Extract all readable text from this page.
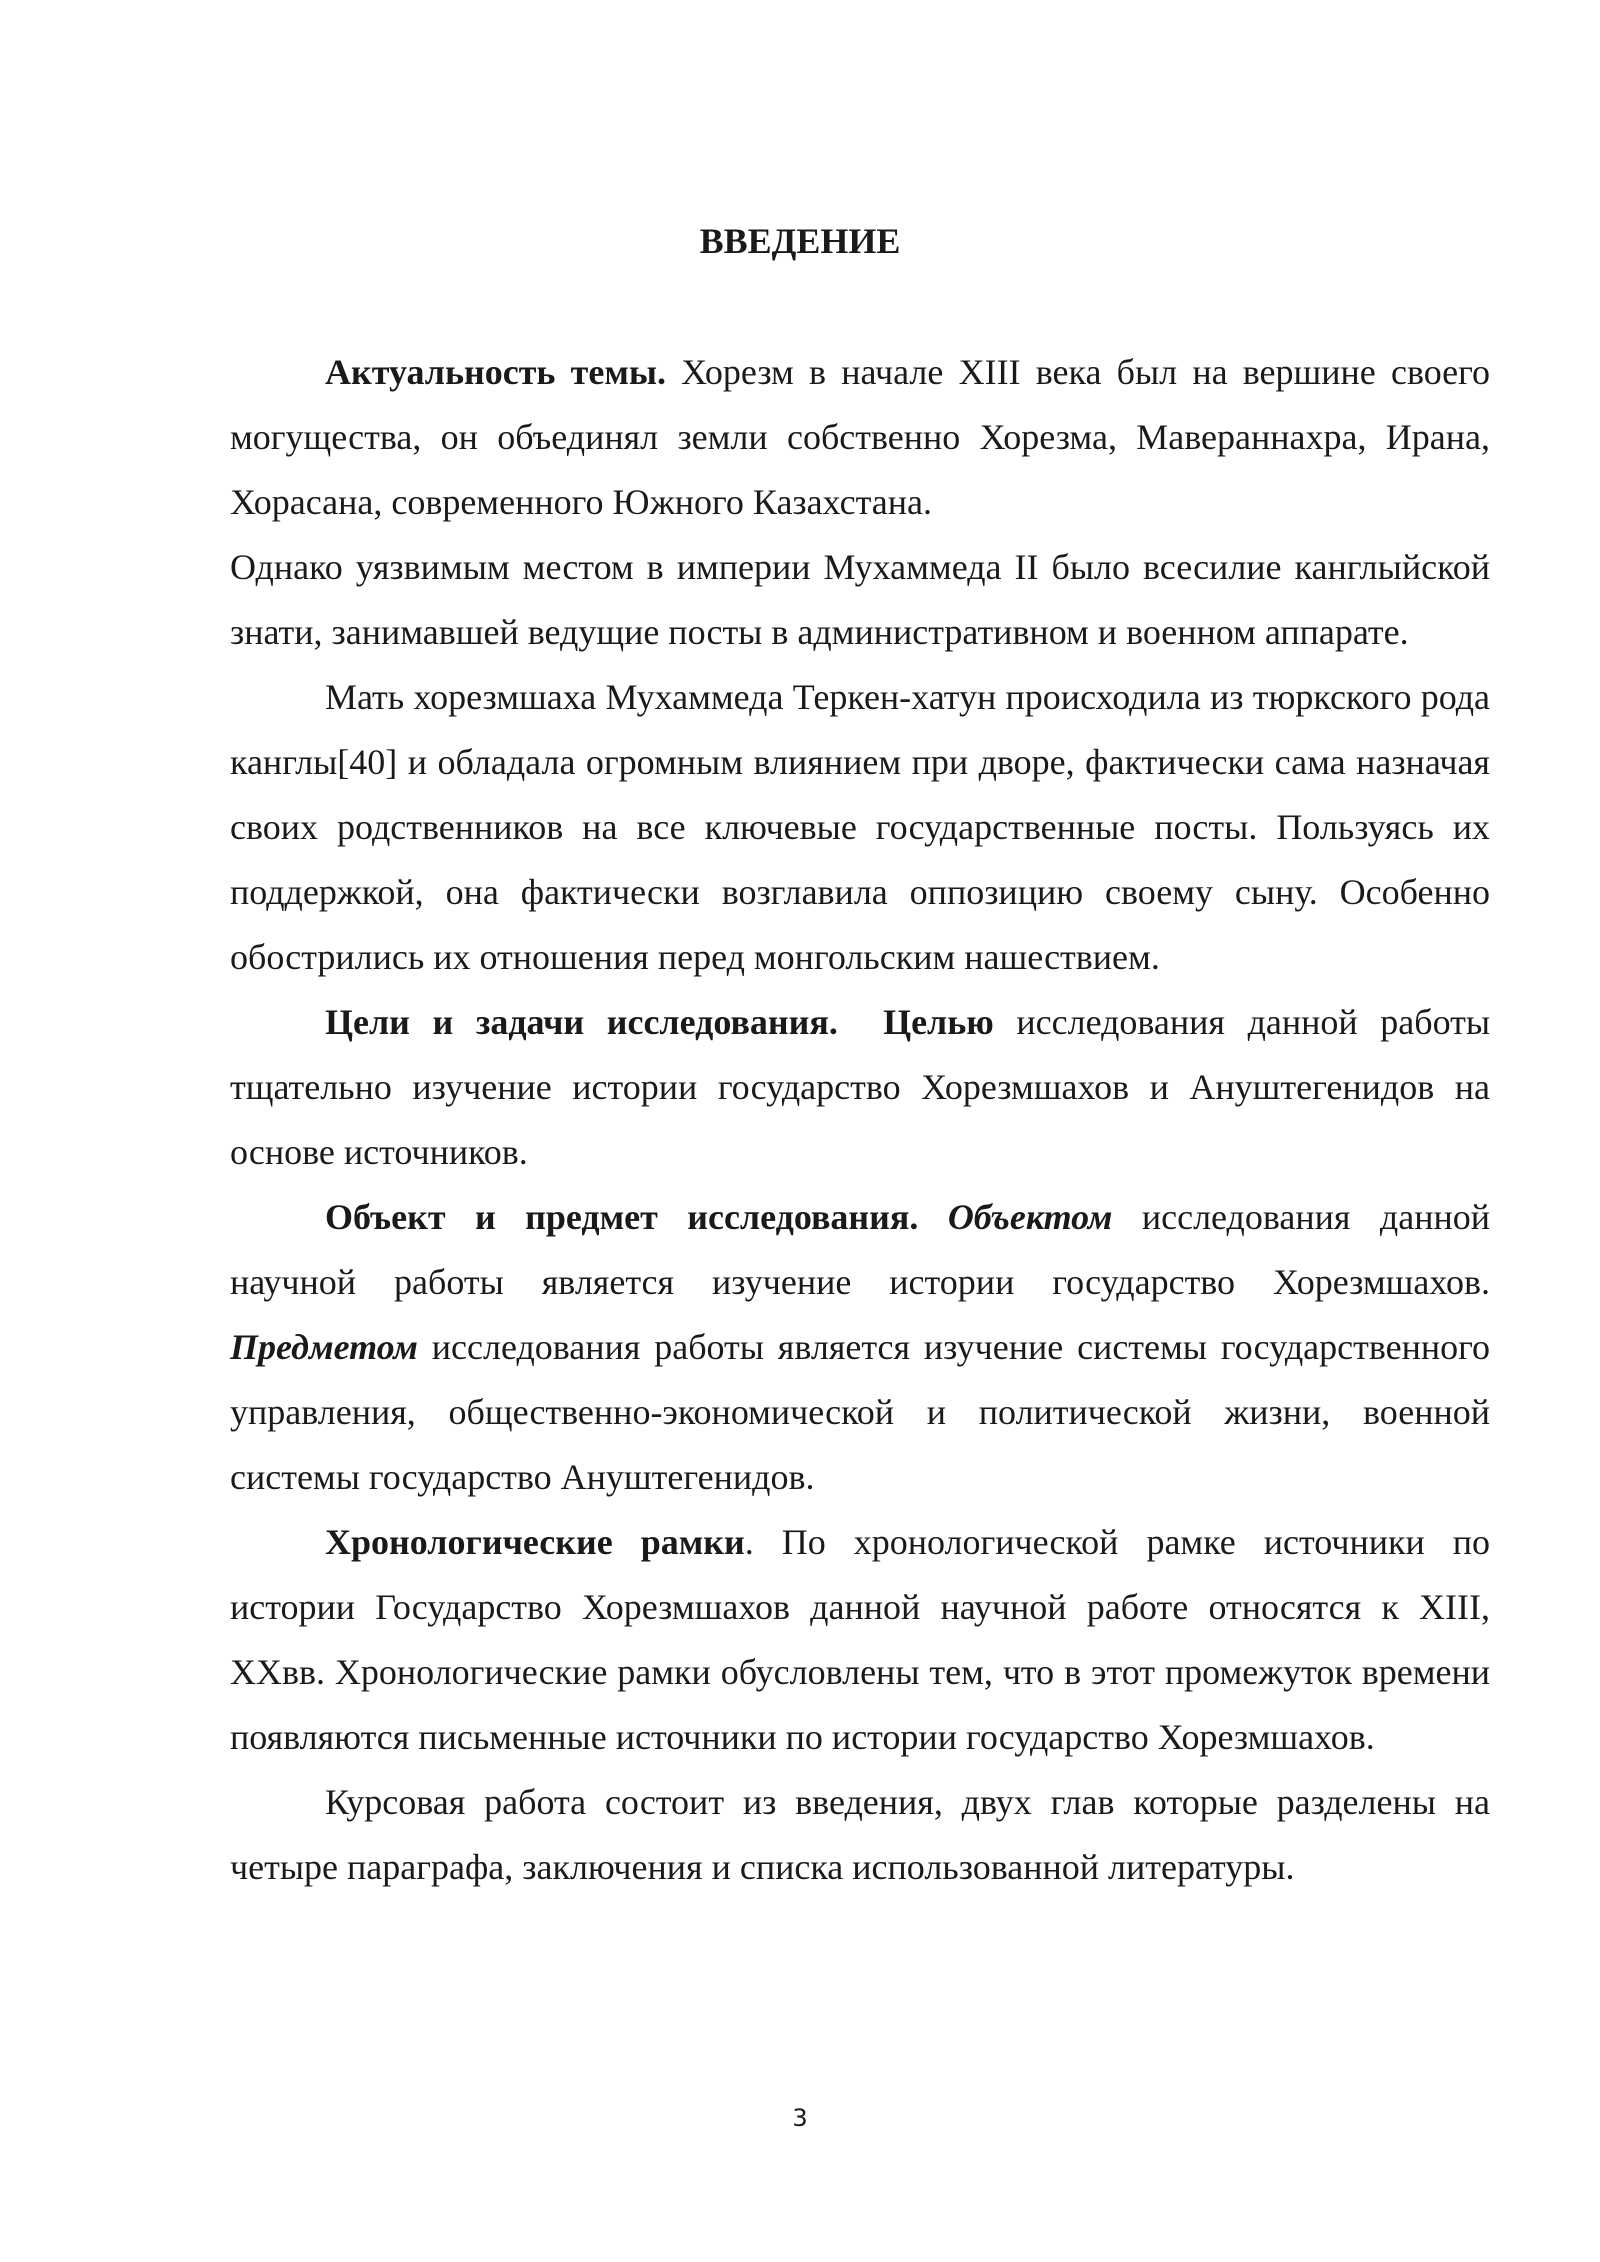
ВВЕДЕНИЕ

Актуальность темы. Хорезм в начале XIII века был на вершине своего могущества, он объединял земли собственно Хорезма, Мавераннахра, Ирана, Хорасана, современного Южного Казахстана.

Однако уязвимым местом в империи Мухаммеда II было всесилие канглыйской знати, занимавшей ведущие посты в административном и военном аппарате.

Мать хорезмшаха Мухаммеда Теркен-хатун происходила из тюркского рода канглы[40] и обладала огромным влиянием при дворе, фактически сама назначая своих родственников на все ключевые государственные посты. Пользуясь их поддержкой, она фактически возглавила оппозицию своему сыну. Особенно обострились их отношения перед монгольским нашествием.

Цели и задачи исследования. Целью исследования данной работы тщательно изучение истории государство Хорезмшахов и Ануштегенидов на основе источников.

Объект и предмет исследования. Объектом исследования данной научной работы является изучение истории государство Хорезмшахов. Предметом исследования работы является изучение системы государственного управления, общественно-экономической и политической жизни, военной системы государство Ануштегенидов.

Хронологические рамки. По хронологической рамке источники по истории Государство Хорезмшахов данной научной работе относятся к XIII, XXвв. Хронологические рамки обусловлены тем, что в этот промежуток времени появляются письменные источники по истории государство Хорезмшахов.

Курсовая работа состоит из введения, двух глав которые разделены на четыре параграфа, заключения и списка использованной литературы.

3
